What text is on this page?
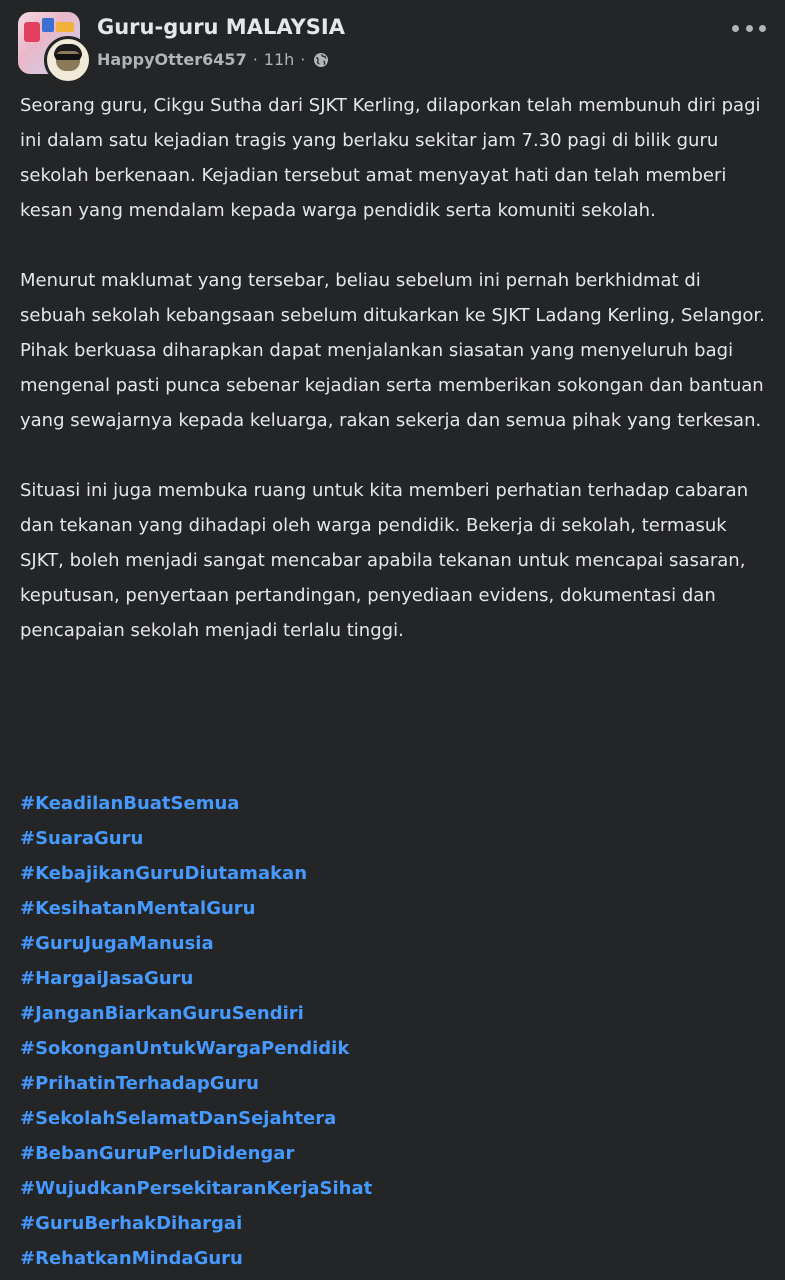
Guru-guru MALAYSIA
HappyOtter6457 · 11h ·

Seorang guru, Cikgu Sutha dari SJKT Kerling, dilaporkan telah membunuh diri pagi ini dalam satu kejadian tragis yang berlaku sekitar jam 7.30 pagi di bilik guru sekolah berkenaan. Kejadian tersebut amat menyayat hati dan telah memberi kesan yang mendalam kepada warga pendidik serta komuniti sekolah.

Menurut maklumat yang tersebar, beliau sebelum ini pernah berkhidmat di sebuah sekolah kebangsaan sebelum ditukarkan ke SJKT Ladang Kerling, Selangor. Pihak berkuasa diharapkan dapat menjalankan siasatan yang menyeluruh bagi mengenal pasti punca sebenar kejadian serta memberikan sokongan dan bantuan yang sewajarnya kepada keluarga, rakan sekerja dan semua pihak yang terkesan.

Situasi ini juga membuka ruang untuk kita memberi perhatian terhadap cabaran dan tekanan yang dihadapi oleh warga pendidik. Bekerja di sekolah, termasuk SJKT, boleh menjadi sangat mencabar apabila tekanan untuk mencapai sasaran, keputusan, penyertaan pertandingan, penyediaan evidens, dokumentasi dan pencapaian sekolah menjadi terlalu tinggi.

#KeadilanBuatSemua
#SuaraGuru
#KebajikanGuruDiutamakan
#KesihatanMentalGuru
#GuruJugaManusia
#HargaiJasaGuru
#JanganBiarkanGuruSendiri
#SokonganUntukWargaPendidik
#PrihatinTerhadapGuru
#SekolahSelamatDanSejahtera
#BebanGuruPerluDidengar
#WujudkanPersekitaranKerjaSihat
#GuruBerhakDihargai
#RehatkanMindaGuru
